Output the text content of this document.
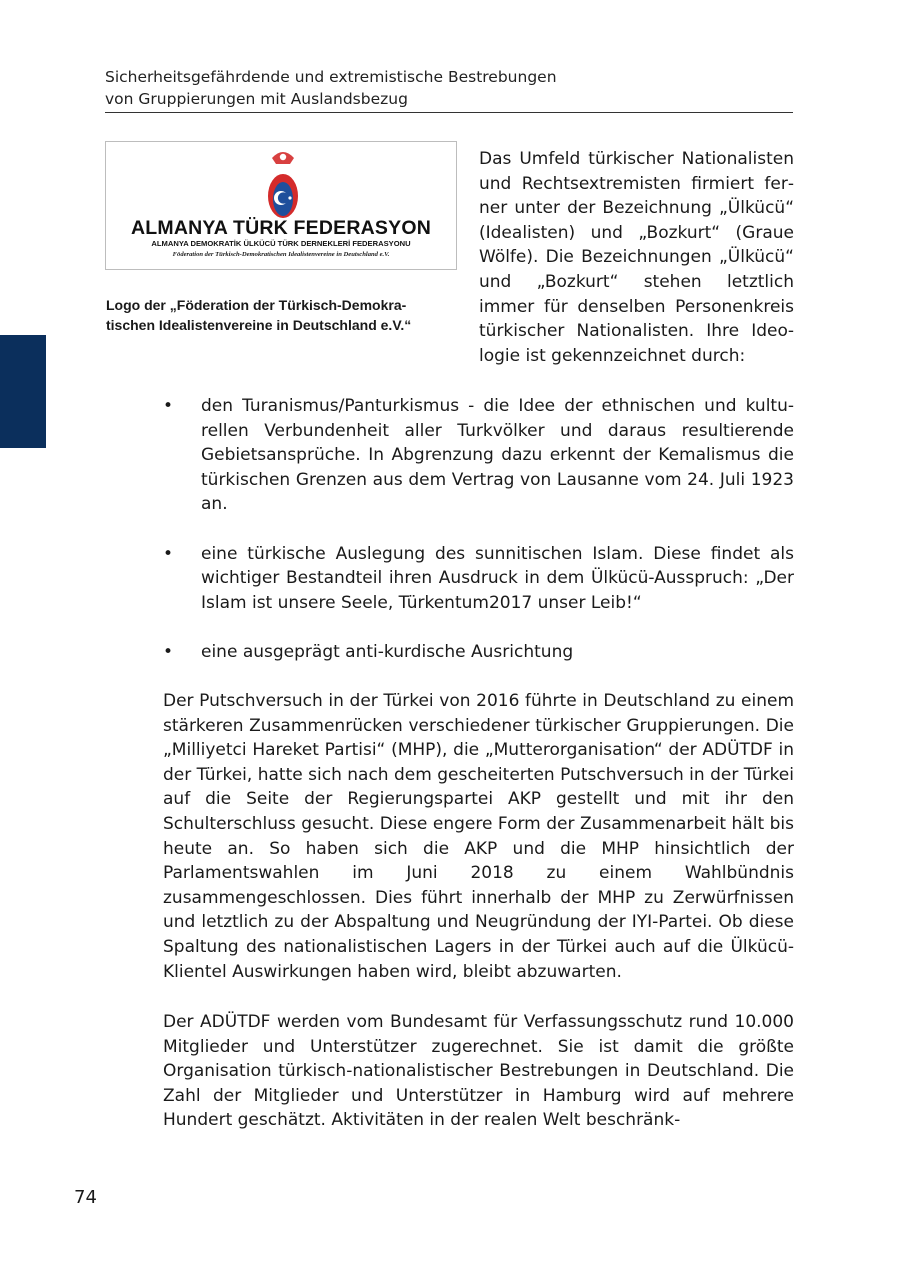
Sicherheitsgefährdende und extremistische Bestrebungen
von Gruppierungen mit Auslandsbezug
ALMANYA TÜRK FEDERASYON
ALMANYA DEMOKRATİK ÜLKÜCÜ TÜRK DERNEKLERİ FEDERASYONU
Föderation der Türkisch-Demokratischen Idealistenvereine in Deutschland e.V.
Logo der „Föderation der Türkisch-Demokra-
tischen Idealistenvereine in Deutschland e.V.“
Das Umfeld türkischer Nationalisten und Rechtsextremisten firmiert ferner unter der Bezeichnung „Ülkücü“ (Idealisten) und „Bozkurt“ (Graue Wölfe). Die Bezeichnungen „Ülkücü“ und „Bozkurt“ stehen letztlich immer für denselben Personenkreis türkischer Nationalisten. Ihre Ideologie ist gekennzeichnet durch:
• den Turanismus/Panturkismus - die Idee der ethnischen und kulturellen Verbundenheit aller Turkvölker und daraus resultierende Gebietsansprüche. In Abgrenzung dazu erkennt der Kemalismus die türkischen Grenzen aus dem Vertrag von Lausanne vom 24. Juli 1923 an.
• eine türkische Auslegung des sunnitischen Islam. Diese findet als wichtiger Bestandteil ihren Ausdruck in dem Ülkücü-Ausspruch: „Der Islam ist unsere Seele, Türkentum2017 unser Leib!“
• eine ausgeprägt anti-kurdische Ausrichtung
Der Putschversuch in der Türkei von 2016 führte in Deutschland zu einem stärkeren Zusammenrücken verschiedener türkischer Gruppierungen. Die „Milliyetci Hareket Partisi“ (MHP), die „Mutterorganisation“ der ADÜTDF in der Türkei, hatte sich nach dem gescheiterten Putschversuch in der Türkei auf die Seite der Regierungspartei AKP gestellt und mit ihr den Schulterschluss gesucht. Diese engere Form der Zusammenarbeit hält bis heute an. So haben sich die AKP und die MHP hinsichtlich der Parlamentswahlen im Juni 2018 zu einem Wahlbündnis zusammengeschlossen. Dies führt innerhalb der MHP zu Zerwürfnissen und letztlich zu der Abspaltung und Neugründung der IYI-Partei. Ob diese Spaltung des nationalistischen Lagers in der Türkei auch auf die Ülkücü-Klientel Auswirkungen haben wird, bleibt abzuwarten.
Der ADÜTDF werden vom Bundesamt für Verfassungsschutz rund 10.000 Mitglieder und Unterstützer zugerechnet. Sie ist damit die größte Organisation türkisch-nationalistischer Bestrebungen in Deutschland. Die Zahl der Mitglieder und Unterstützer in Hamburg wird auf mehrere Hundert geschätzt. Aktivitäten in der realen Welt beschränk-
74
